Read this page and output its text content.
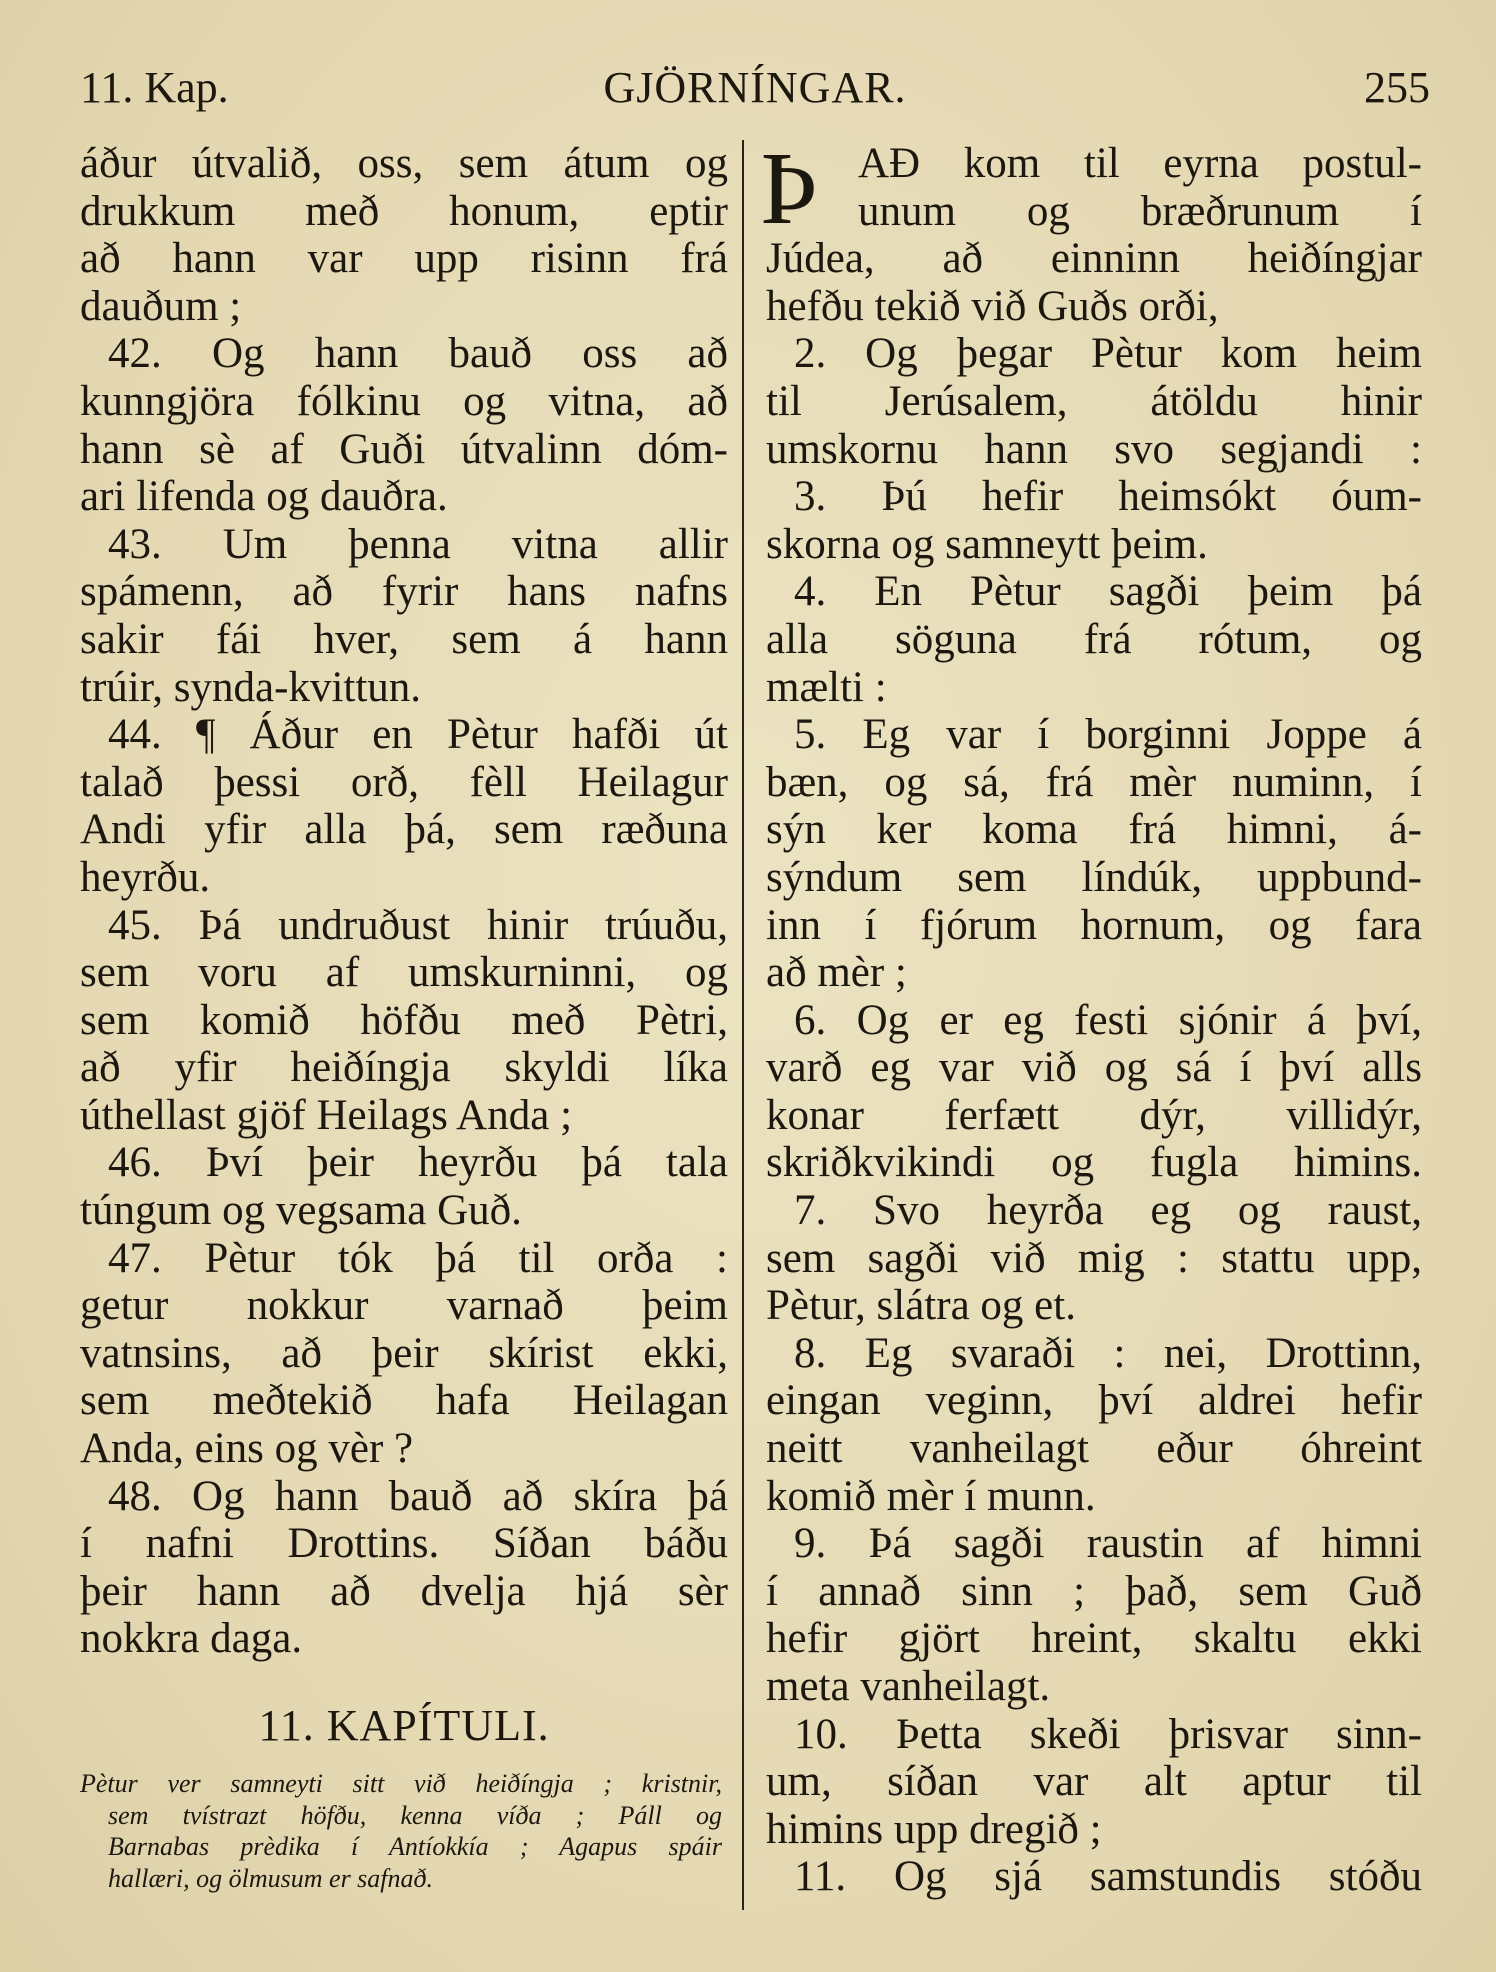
11. Kap.	GJÖRNÍNGAR.	255
áður útvalið, oss, sem átum og
drukkum með honum, eptir
að hann var upp risinn frá
dauðum ;
42. Og hann bauð oss að
kunngjöra fólkinu og vitna, að
hann sè af Guði útvalinn dóm-
ari lifenda og dauðra.
43. Um þenna vitna allir
spámenn, að fyrir hans nafns
sakir fái hver, sem á hann
trúir, synda-kvittun.
44. ¶ Áður en Pètur hafði út
talað þessi orð, fèll Heilagur
Andi yfir alla þá, sem ræðuna
heyrðu.
45. Þá undruðust hinir trúuðu,
sem voru af umskurninni, og
sem komið höfðu með Pètri,
að yfir heiðíngja skyldi líka
úthellast gjöf Heilags Anda ;
46. Því þeir heyrðu þá tala
túngum og vegsama Guð.
47. Pètur tók þá til orða :
getur nokkur varnað þeim
vatnsins, að þeir skírist ekki,
sem meðtekið hafa Heilagan
Anda, eins og vèr ?
48. Og hann bauð að skíra þá
í nafni Drottins. Síðan báðu
þeir hann að dvelja hjá sèr
nokkra daga.
11. KAPÍTULI.
Pètur ver samneyti sitt við heiðíngja ; kristnir,
sem tvístrazt höfðu, kenna víða ; Páll og
Barnabas prèdika í Antíokkía ; Agapus spáir
hallæri, og ölmusum er safnað.
Þ AÐ kom til eyrna postul-
unum og bræðrunum í
Júdea, að einninn heiðíngjar
hefðu tekið við Guðs orði,
2. Og þegar Pètur kom heim
til Jerúsalem, átöldu hinir
umskornu hann svo segjandi :
3. Þú hefir heimsókt óum-
skorna og samneytt þeim.
4. En Pètur sagði þeim þá
alla söguna frá rótum, og
mælti :
5. Eg var í borginni Joppe á
bæn, og sá, frá mèr numinn, í
sýn ker koma frá himni, á-
sýndum sem líndúk, uppbund-
inn í fjórum hornum, og fara
að mèr ;
6. Og er eg festi sjónir á því,
varð eg var við og sá í því alls
konar ferfætt dýr, villidýr,
skriðkvikindi og fugla himins.
7. Svo heyrða eg og raust,
sem sagði við mig : stattu upp,
Pètur, slátra og et.
8. Eg svaraði : nei, Drottinn,
eingan veginn, því aldrei hefir
neitt vanheilagt eður óhreint
komið mèr í munn.
9. Þá sagði raustin af himni
í annað sinn ; það, sem Guð
hefir gjört hreint, skaltu ekki
meta vanheilagt.
10. Þetta skeði þrisvar sinn-
um, síðan var alt aptur til
himins upp dregið ;
11. Og sjá samstundis stóðu
